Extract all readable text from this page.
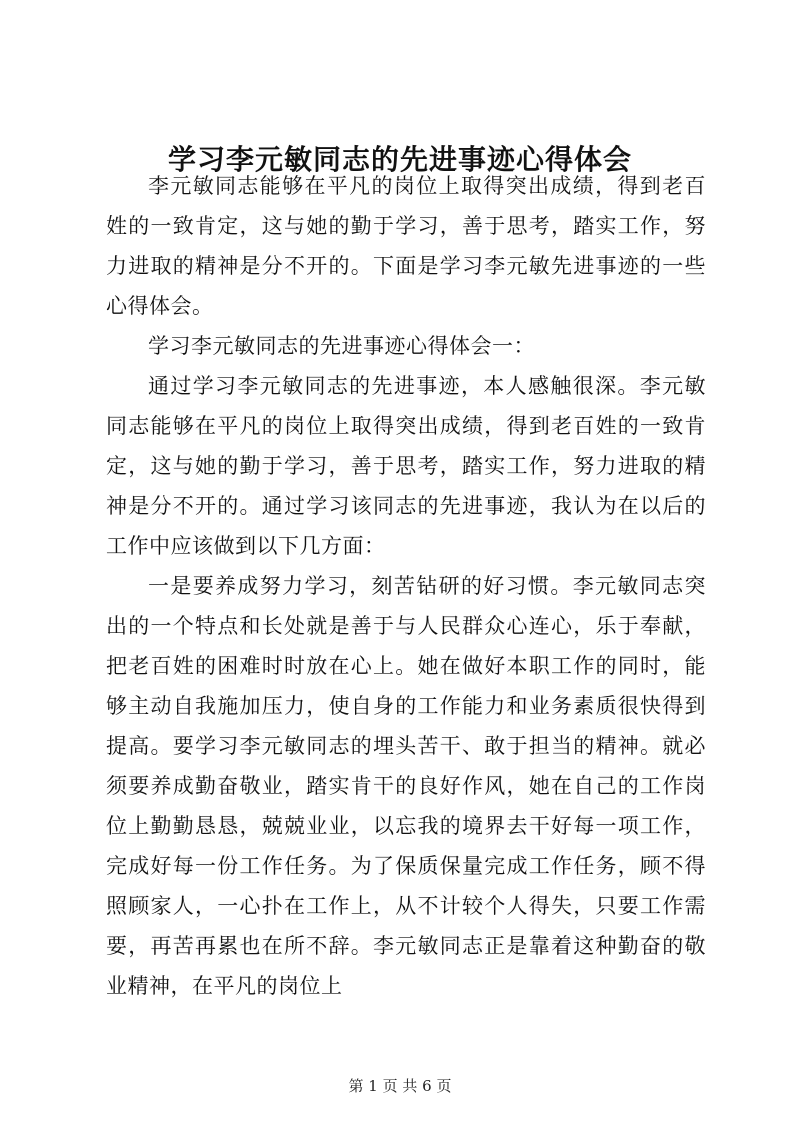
学习李元敏同志的先进事迹心得体会

李元敏同志能够在平凡的岗位上取得突出成绩，得到老百姓的一致肯定，这与她的勤于学习，善于思考，踏实工作，努力进取的精神是分不开的。下面是学习李元敏先进事迹的一些心得体会。

学习李元敏同志的先进事迹心得体会一：

通过学习李元敏同志的先进事迹，本人感触很深。李元敏同志能够在平凡的岗位上取得突出成绩，得到老百姓的一致肯定，这与她的勤于学习，善于思考，踏实工作，努力进取的精神是分不开的。通过学习该同志的先进事迹，我认为在以后的工作中应该做到以下几方面：

一是要养成努力学习，刻苦钻研的好习惯。李元敏同志突出的一个特点和长处就是善于与人民群众心连心，乐于奉献，把老百姓的困难时时放在心上。她在做好本职工作的同时，能够主动自我施加压力，使自身的工作能力和业务素质很快得到提高。要学习李元敏同志的埋头苦干、敢于担当的精神。就必须要养成勤奋敬业，踏实肯干的良好作风，她在自己的工作岗位上勤勤恳恳，兢兢业业，以忘我的境界去干好每一项工作，完成好每一份工作任务。为了保质保量完成工作任务，顾不得照顾家人，一心扑在工作上，从不计较个人得失，只要工作需要，再苦再累也在所不辞。李元敏同志正是靠着这种勤奋的敬业精神，在平凡的岗位上

第 1 页 共 6 页
